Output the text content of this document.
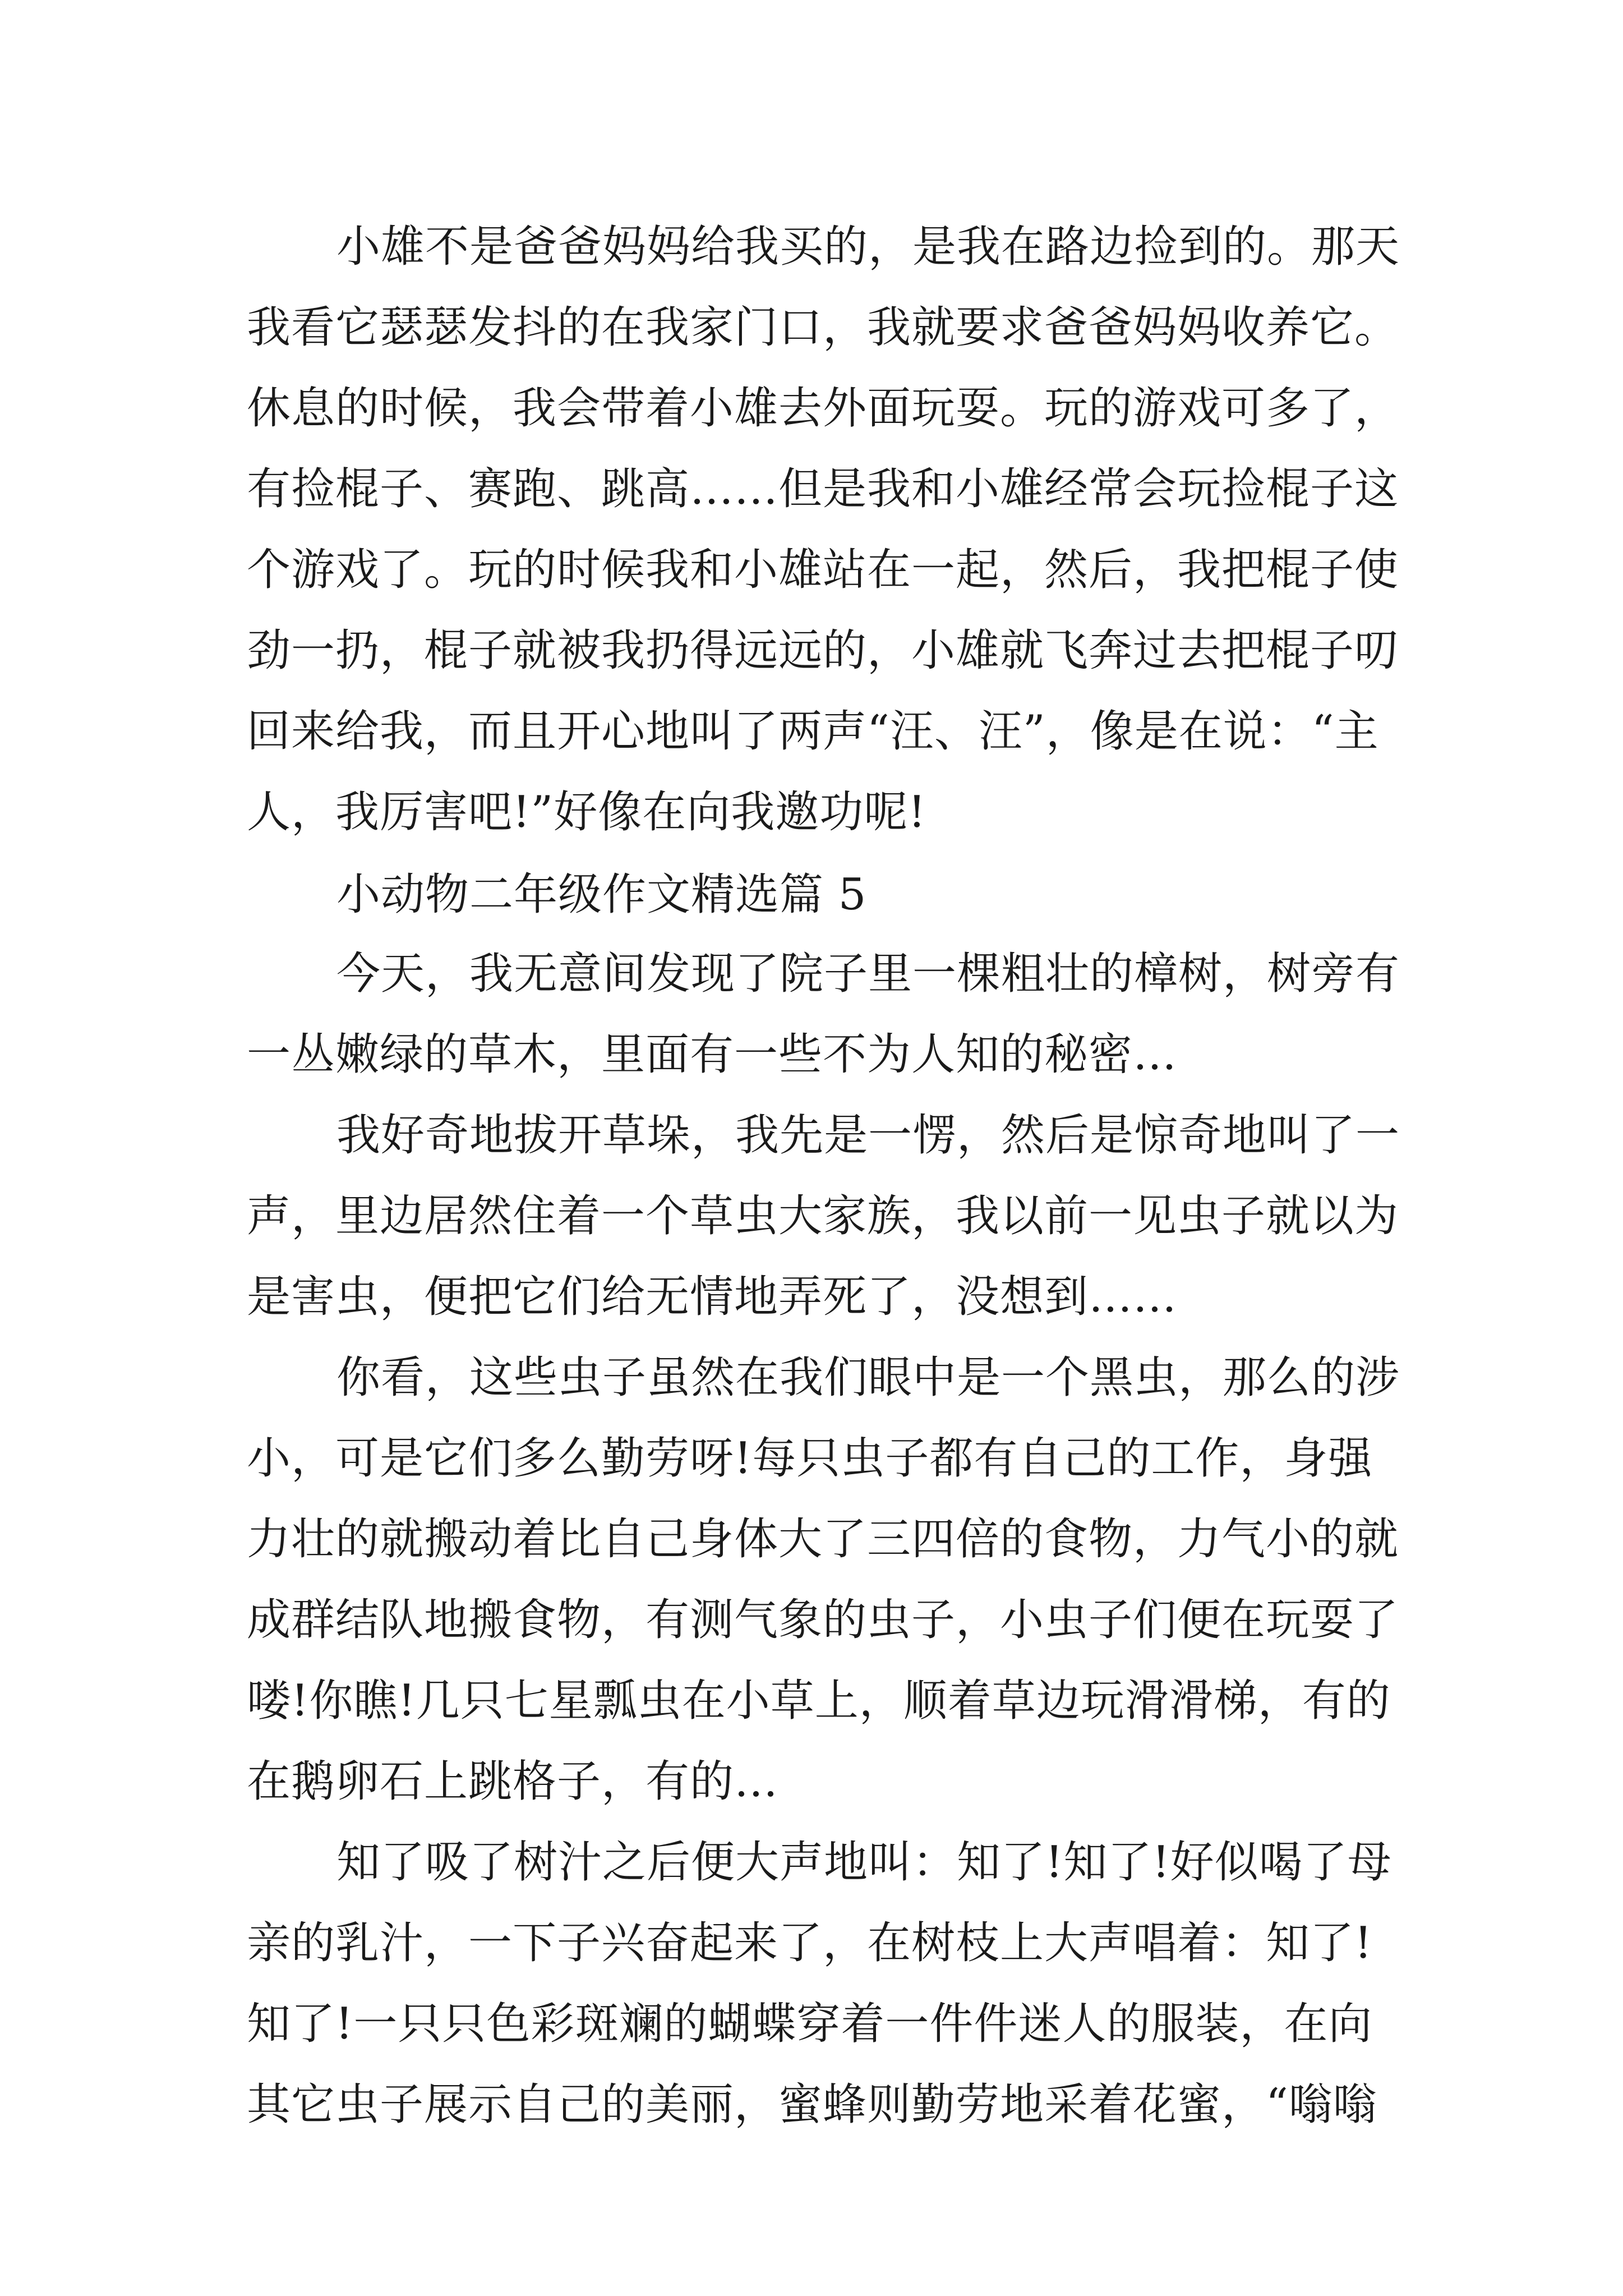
小雄不是爸爸妈妈给我买的，是我在路边捡到的。那天

我看它瑟瑟发抖的在我家门口，我就要求爸爸妈妈收养它。

休息的时候，我会带着小雄去外面玩耍。玩的游戏可多了，

有捡棍子、赛跑、跳高……但是我和小雄经常会玩捡棍子这

个游戏了。玩的时候我和小雄站在一起，然后，我把棍子使

劲一扔，棍子就被我扔得远远的，小雄就飞奔过去把棍子叨

回来给我，而且开心地叫了两声“汪、汪”，像是在说：“主

人，我厉害吧!”好像在向我邀功呢!

小动物二年级作文精选篇 5

今天，我无意间发现了院子里一棵粗壮的樟树，树旁有

一丛嫩绿的草木，里面有一些不为人知的秘密…

我好奇地拔开草垛，我先是一愣，然后是惊奇地叫了一

声，里边居然住着一个草虫大家族，我以前一见虫子就以为

是害虫，便把它们给无情地弄死了，没想到……

你看，这些虫子虽然在我们眼中是一个黑虫，那么的涉

小，可是它们多么勤劳呀!每只虫子都有自己的工作，身强

力壮的就搬动着比自己身体大了三四倍的食物，力气小的就

成群结队地搬食物，有测气象的虫子，小虫子们便在玩耍了

喽!你瞧!几只七星瓢虫在小草上，顺着草边玩滑滑梯，有的

在鹅卵石上跳格子，有的…

知了吸了树汁之后便大声地叫：知了!知了!好似喝了母

亲的乳汁，一下子兴奋起来了，在树枝上大声唱着：知了!

知了!一只只色彩斑斓的蝴蝶穿着一件件迷人的服装，在向

其它虫子展示自己的美丽，蜜蜂则勤劳地采着花蜜，“嗡嗡
